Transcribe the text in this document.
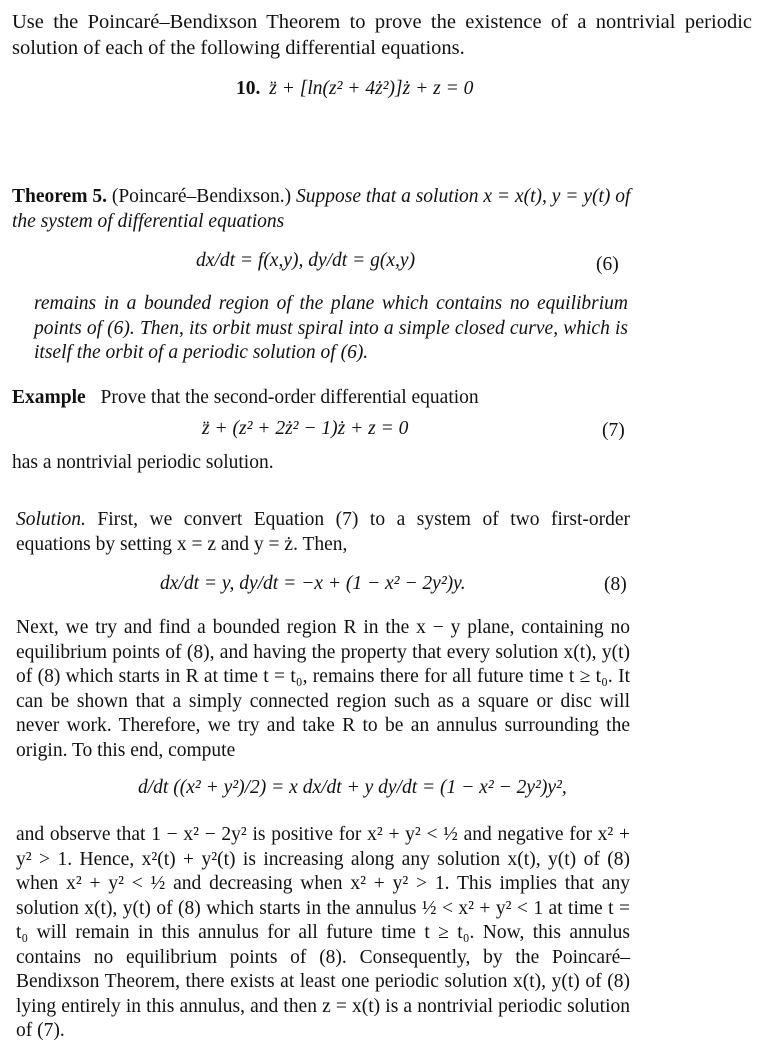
Use the Poincaré–Bendixson Theorem to prove the existence of a nontrivial periodic solution of each of the following differential equations.

10. z̈ + [ln(z² + 4ż²)]ż + z = 0
Theorem 5. (Poincaré–Bendixson.) Suppose that a solution x = x(t), y = y(t) of the system of differential equations
dx/dt = f(x,y), dy/dt = g(x,y)	(6)

remains in a bounded region of the plane which contains no equilibrium points of (6). Then, its orbit must spiral into a simple closed curve, which is itself the orbit of a periodic solution of (6).

Example Prove that the second-order differential equation
z̈ + (z² + 2ż² − 1)ż + z = 0	(7)

has a nontrivial periodic solution.

Solution. First, we convert Equation (7) to a system of two first-order equations by setting x = z and y = ż. Then,
dx/dt = y, dy/dt = −x + (1 − x² − 2y²)y.	(8)

Next, we try and find a bounded region R in the x − y plane, containing no equilibrium points of (8), and having the property that every solution x(t), y(t) of (8) which starts in R at time t = t₀, remains there for all future time t ≥ t₀. It can be shown that a simply connected region such as a square or disc will never work. Therefore, we try and take R to be an annulus surrounding the origin. To this end, compute

d/dt ((x² + y²)/2) = x dx/dt + y dy/dt = (1 − x² − 2y²)y²,

and observe that 1 − x² − 2y² is positive for x² + y² < ½ and negative for x² + y² > 1. Hence, x²(t) + y²(t) is increasing along any solution x(t), y(t) of (8) when x² + y² < ½ and decreasing when x² + y² > 1. This implies that any solution x(t), y(t) of (8) which starts in the annulus ½ < x² + y² < 1 at time t = t₀ will remain in this annulus for all future time t ≥ t₀. Now, this annulus contains no equilibrium points of (8). Consequently, by the Poincaré–Bendixson Theorem, there exists at least one periodic solution x(t), y(t) of (8) lying entirely in this annulus, and then z = x(t) is a nontrivial periodic solution of (7).
